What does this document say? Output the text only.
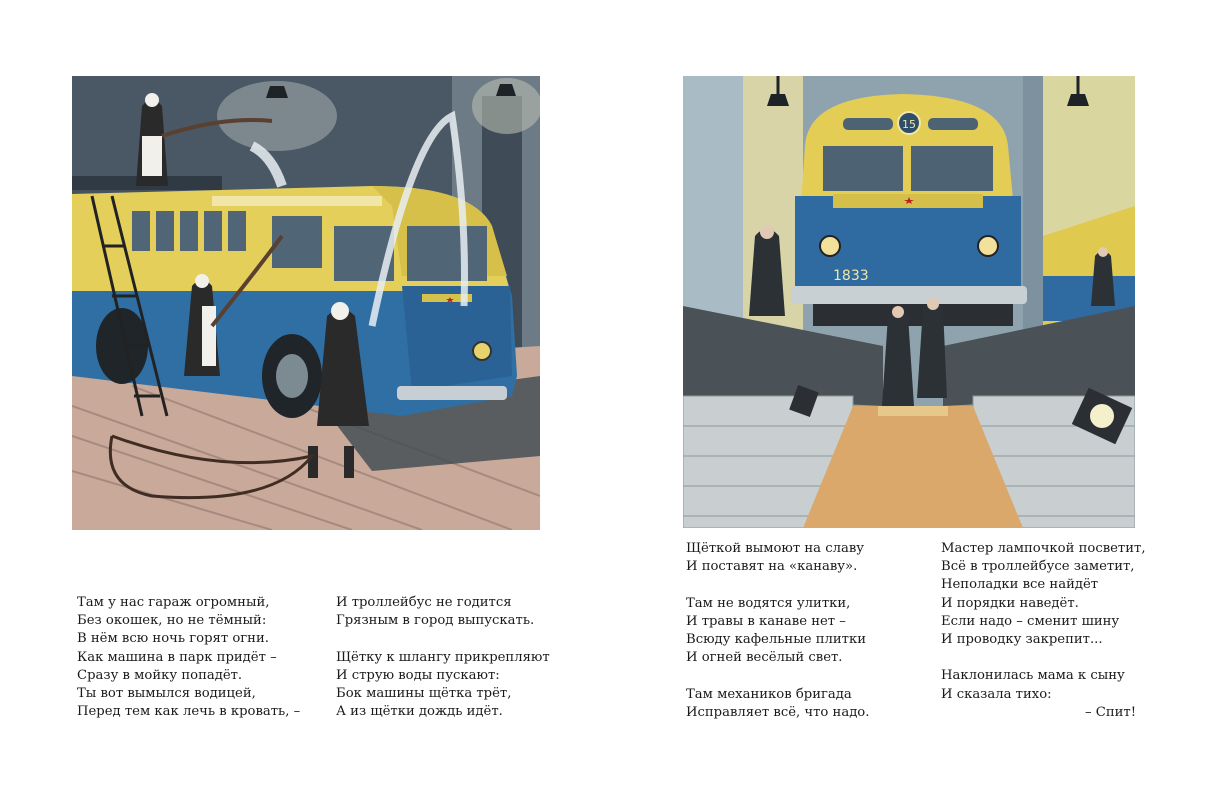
15
1833
Там у нас гараж огромный,
Без окошек, но не тёмный:
В нём всю ночь горят огни.
Как машина в парк придёт –
Сразу в мойку попадёт.
Ты вот вымылся водицей,
Перед тем как лечь в кровать, –
И троллейбус не годится
Грязным в город выпускать.
Щётку к шлангу прикрепляют
И струю воды пускают:
Бок машины щётка трёт,
А из щётки дождь идёт.
Щёткой вымоют на славу
И поставят на «канаву».
Там не водятся улитки,
И травы в канаве нет –
Всюду кафельные плитки
И огней весёлый свет.
Там механиков бригада
Исправляет всё, что надо.
Мастер лампочкой посветит,
Всё в троллейбусе заметит,
Неполадки все найдёт
И порядки наведёт.
Если надо – сменит шину
И проводку закрепит...
Наклонилась мама к сыну
И сказала тихо:
– Спит!
